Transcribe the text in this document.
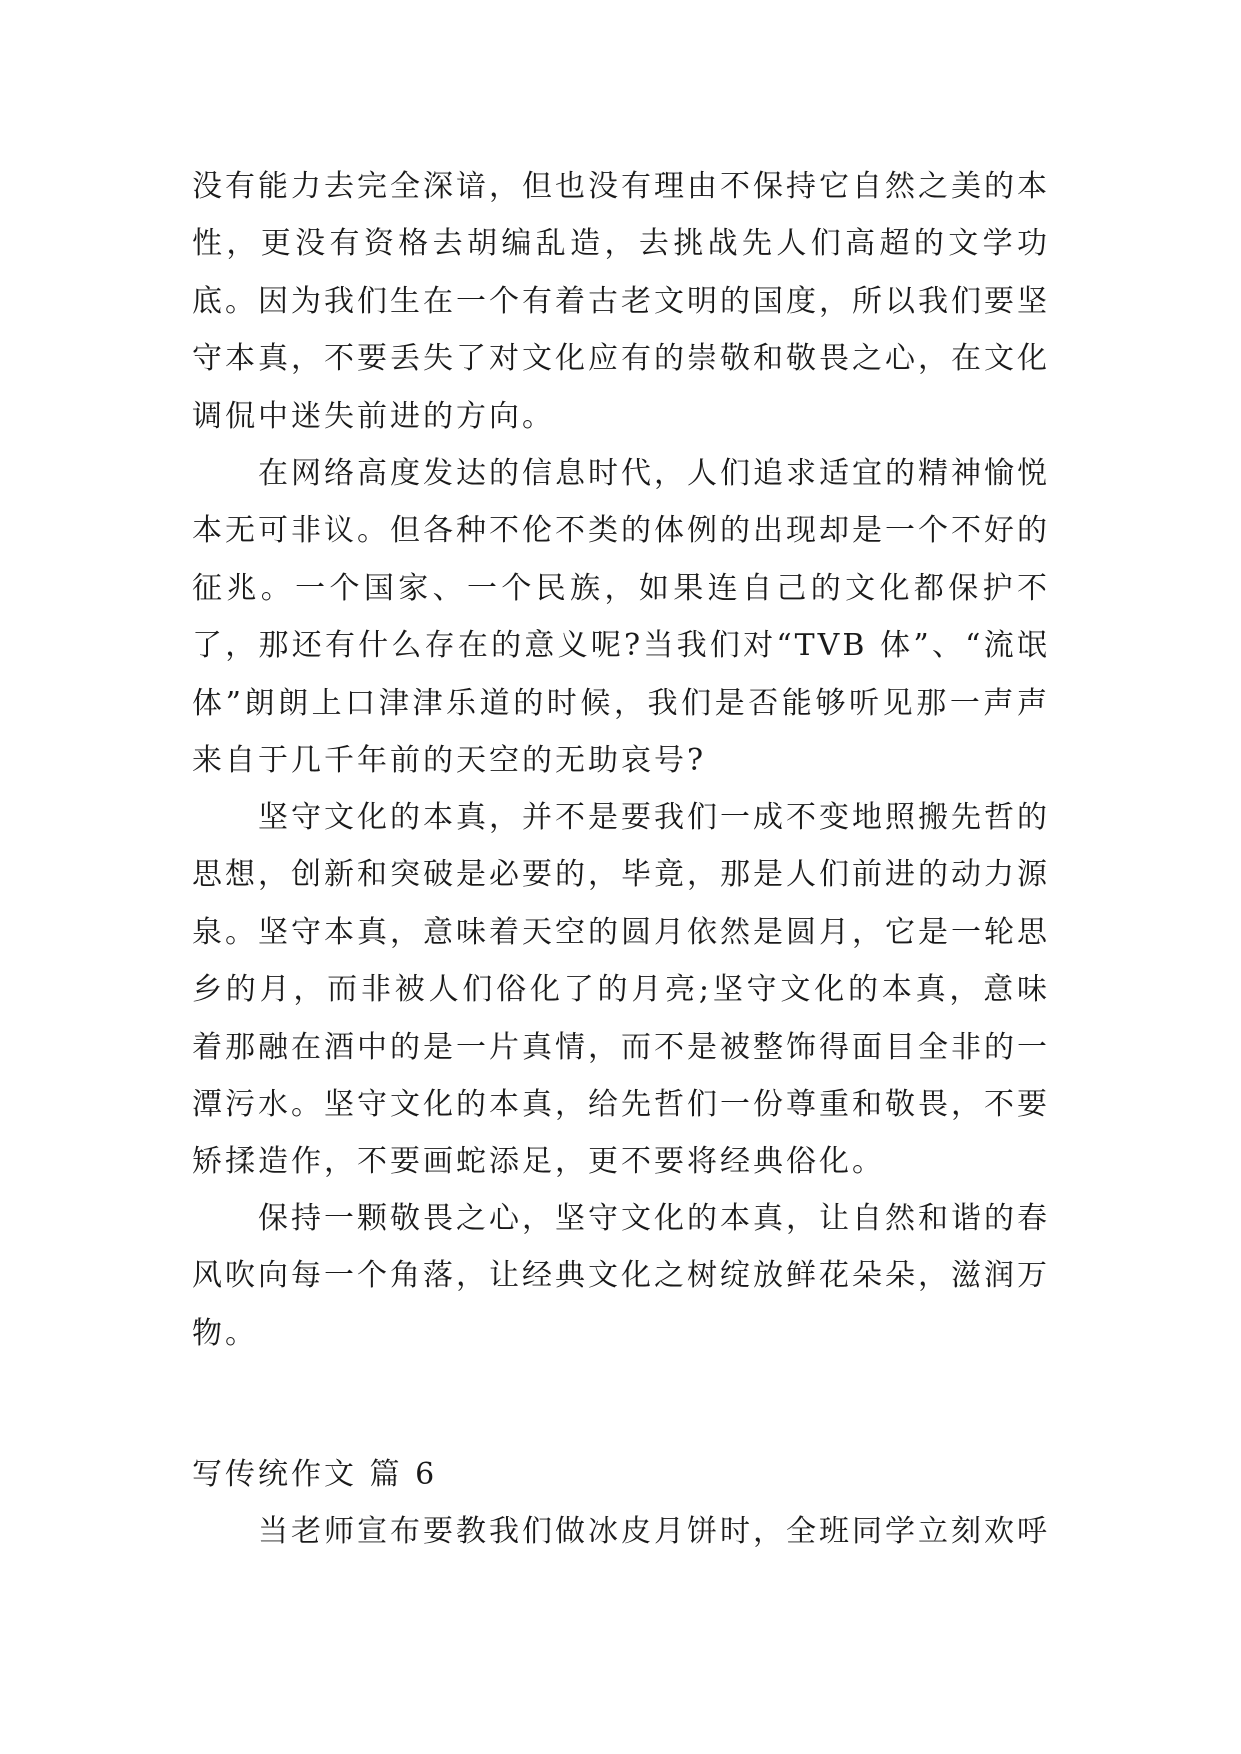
没有能力去完全深谙，但也没有理由不保持它自然之美的本性，更没有资格去胡编乱造，去挑战先人们高超的文学功底。因为我们生在一个有着古老文明的国度，所以我们要坚守本真，不要丢失了对文化应有的崇敬和敬畏之心，在文化调侃中迷失前进的方向。

在网络高度发达的信息时代，人们追求适宜的精神愉悦本无可非议。但各种不伦不类的体例的出现却是一个不好的征兆。一个国家、一个民族，如果连自己的文化都保护不了，那还有什么存在的意义呢?当我们对“TVB 体”、“流氓体”朗朗上口津津乐道的时候，我们是否能够听见那一声声来自于几千年前的天空的无助哀号?

坚守文化的本真，并不是要我们一成不变地照搬先哲的思想，创新和突破是必要的，毕竟，那是人们前进的动力源泉。坚守本真，意味着天空的圆月依然是圆月，它是一轮思乡的月，而非被人们俗化了的月亮;坚守文化的本真，意味着那融在酒中的是一片真情，而不是被整饰得面目全非的一潭污水。坚守文化的本真，给先哲们一份尊重和敬畏，不要矫揉造作，不要画蛇添足，更不要将经典俗化。

保持一颗敬畏之心，坚守文化的本真，让自然和谐的春风吹向每一个角落，让经典文化之树绽放鲜花朵朵，滋润万物。

写传统作文 篇 6

当老师宣布要教我们做冰皮月饼时，全班同学立刻欢呼
